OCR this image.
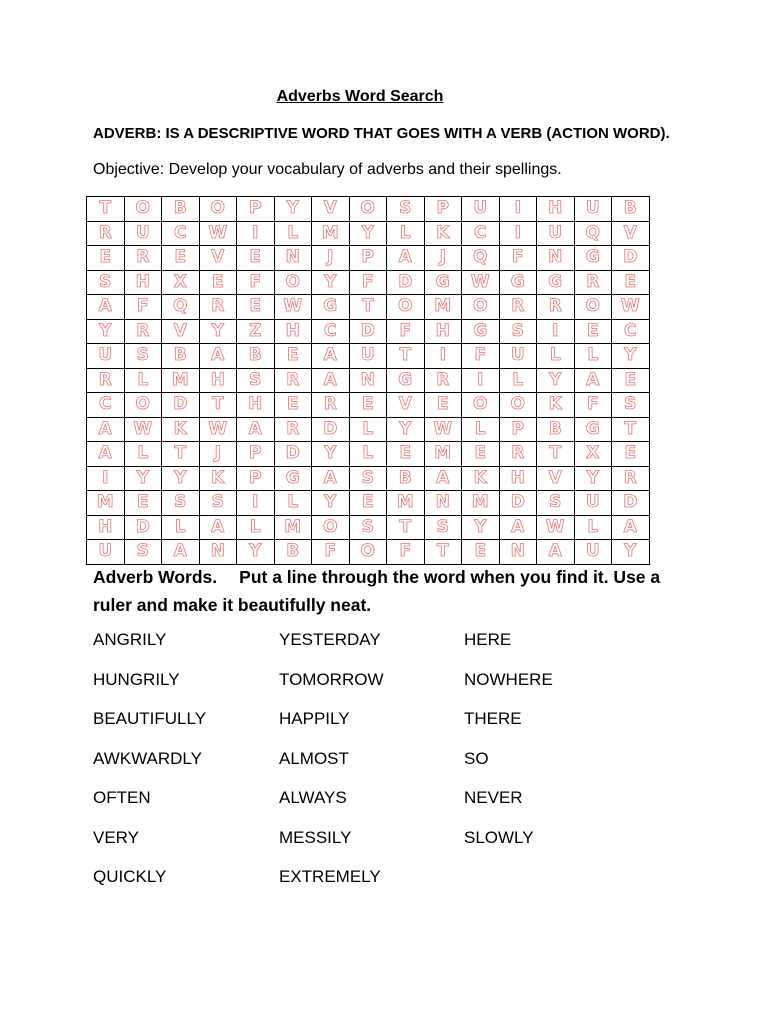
Adverbs Word Search
ADVERB: IS A DESCRIPTIVE WORD THAT GOES WITH A VERB (ACTION WORD).
Objective: Develop your vocabulary of adverbs and their spellings.
T	O	B	O	P	Y	V	O	S	P	U	I	H	U	B
R	U	C	W	I	L	M	Y	L	K	C	I	U	Q	V
E	R	E	V	E	N	J	P	A	J	Q	F	N	G	D
S	H	X	E	F	O	Y	F	D	G	W	G	G	R	E
A	F	Q	R	E	W	G	T	O	M	O	R	R	O	W
Y	R	V	Y	Z	H	C	D	F	H	G	S	I	E	C
U	S	B	A	B	E	A	U	T	I	F	U	L	L	Y
R	L	M	H	S	R	A	N	G	R	I	L	Y	A	E
C	O	D	T	H	E	R	E	V	E	O	O	K	F	S
A	W	K	W	A	R	D	L	Y	W	L	P	B	G	T
A	L	T	J	P	D	Y	L	E	M	E	R	T	X	E
I	Y	Y	K	P	G	A	S	B	A	K	H	V	Y	R
M	E	S	S	I	L	Y	E	M	N	M	D	S	U	D
H	D	L	A	L	M	O	S	T	S	Y	A	W	L	A
U	S	A	N	Y	B	F	O	F	T	E	N	A	U	Y
Adverb Words. Put a line through the word when you find it. Use a ruler and make it beautifully neat.
ANGRILY	YESTERDAY	HERE
HUNGRILY	TOMORROW	NOWHERE
BEAUTIFULLY	HAPPILY	THERE
AWKWARDLY	ALMOST	SO
OFTEN	ALWAYS	NEVER
VERY	MESSILY	SLOWLY
QUICKLY	EXTREMELY
